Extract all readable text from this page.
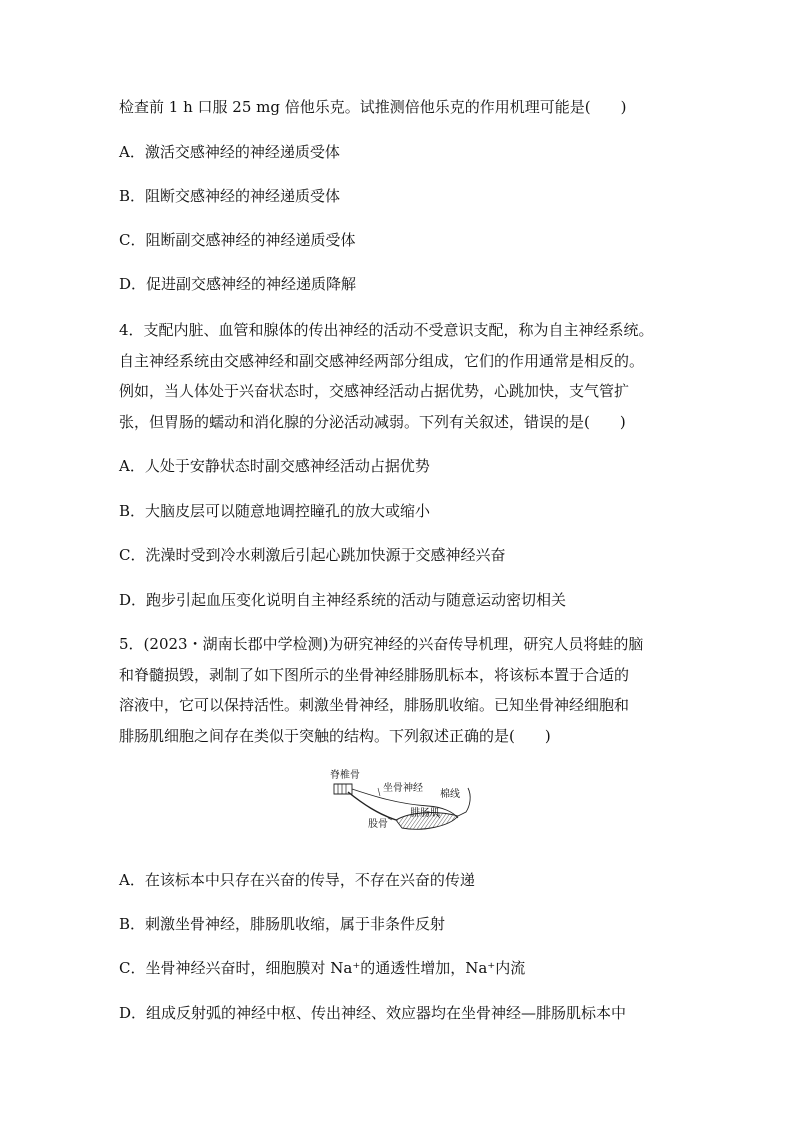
检查前 1 h 口服 25 mg 倍他乐克。试推测倍他乐克的作用机理可能是(　　)
A．激活交感神经的神经递质受体
B．阻断交感神经的神经递质受体
C．阻断副交感神经的神经递质受体
D．促进副交感神经的神经递质降解
4．支配内脏、血管和腺体的传出神经的活动不受意识支配，称为自主神经系统。
自主神经系统由交感神经和副交感神经两部分组成，它们的作用通常是相反的。
例如，当人体处于兴奋状态时，交感神经活动占据优势，心跳加快，支气管扩
张，但胃肠的蠕动和消化腺的分泌活动减弱。下列有关叙述，错误的是(　　)
A．人处于安静状态时副交感神经活动占据优势
B．大脑皮层可以随意地调控瞳孔的放大或缩小
C．洗澡时受到冷水刺激后引起心跳加快源于交感神经兴奋
D．跑步引起血压变化说明自主神经系统的活动与随意运动密切相关
5．(2023・湖南长郡中学检测)为研究神经的兴奋传导机理，研究人员将蛙的脑
和脊髓损毁，剥制了如下图所示的坐骨神经腓肠肌标本，将该标本置于合适的
溶液中，它可以保持活性。刺激坐骨神经，腓肠肌收缩。已知坐骨神经细胞和
腓肠肌细胞之间存在类似于突触的结构。下列叙述正确的是(　　)
脊椎骨
坐骨神经
棉线
股骨
腓肠肌
A．在该标本中只存在兴奋的传导，不存在兴奋的传递
B．刺激坐骨神经，腓肠肌收缩，属于非条件反射
C．坐骨神经兴奋时，细胞膜对 Na⁺的通透性增加，Na⁺内流
D．组成反射弧的神经中枢、传出神经、效应器均在坐骨神经—腓肠肌标本中
